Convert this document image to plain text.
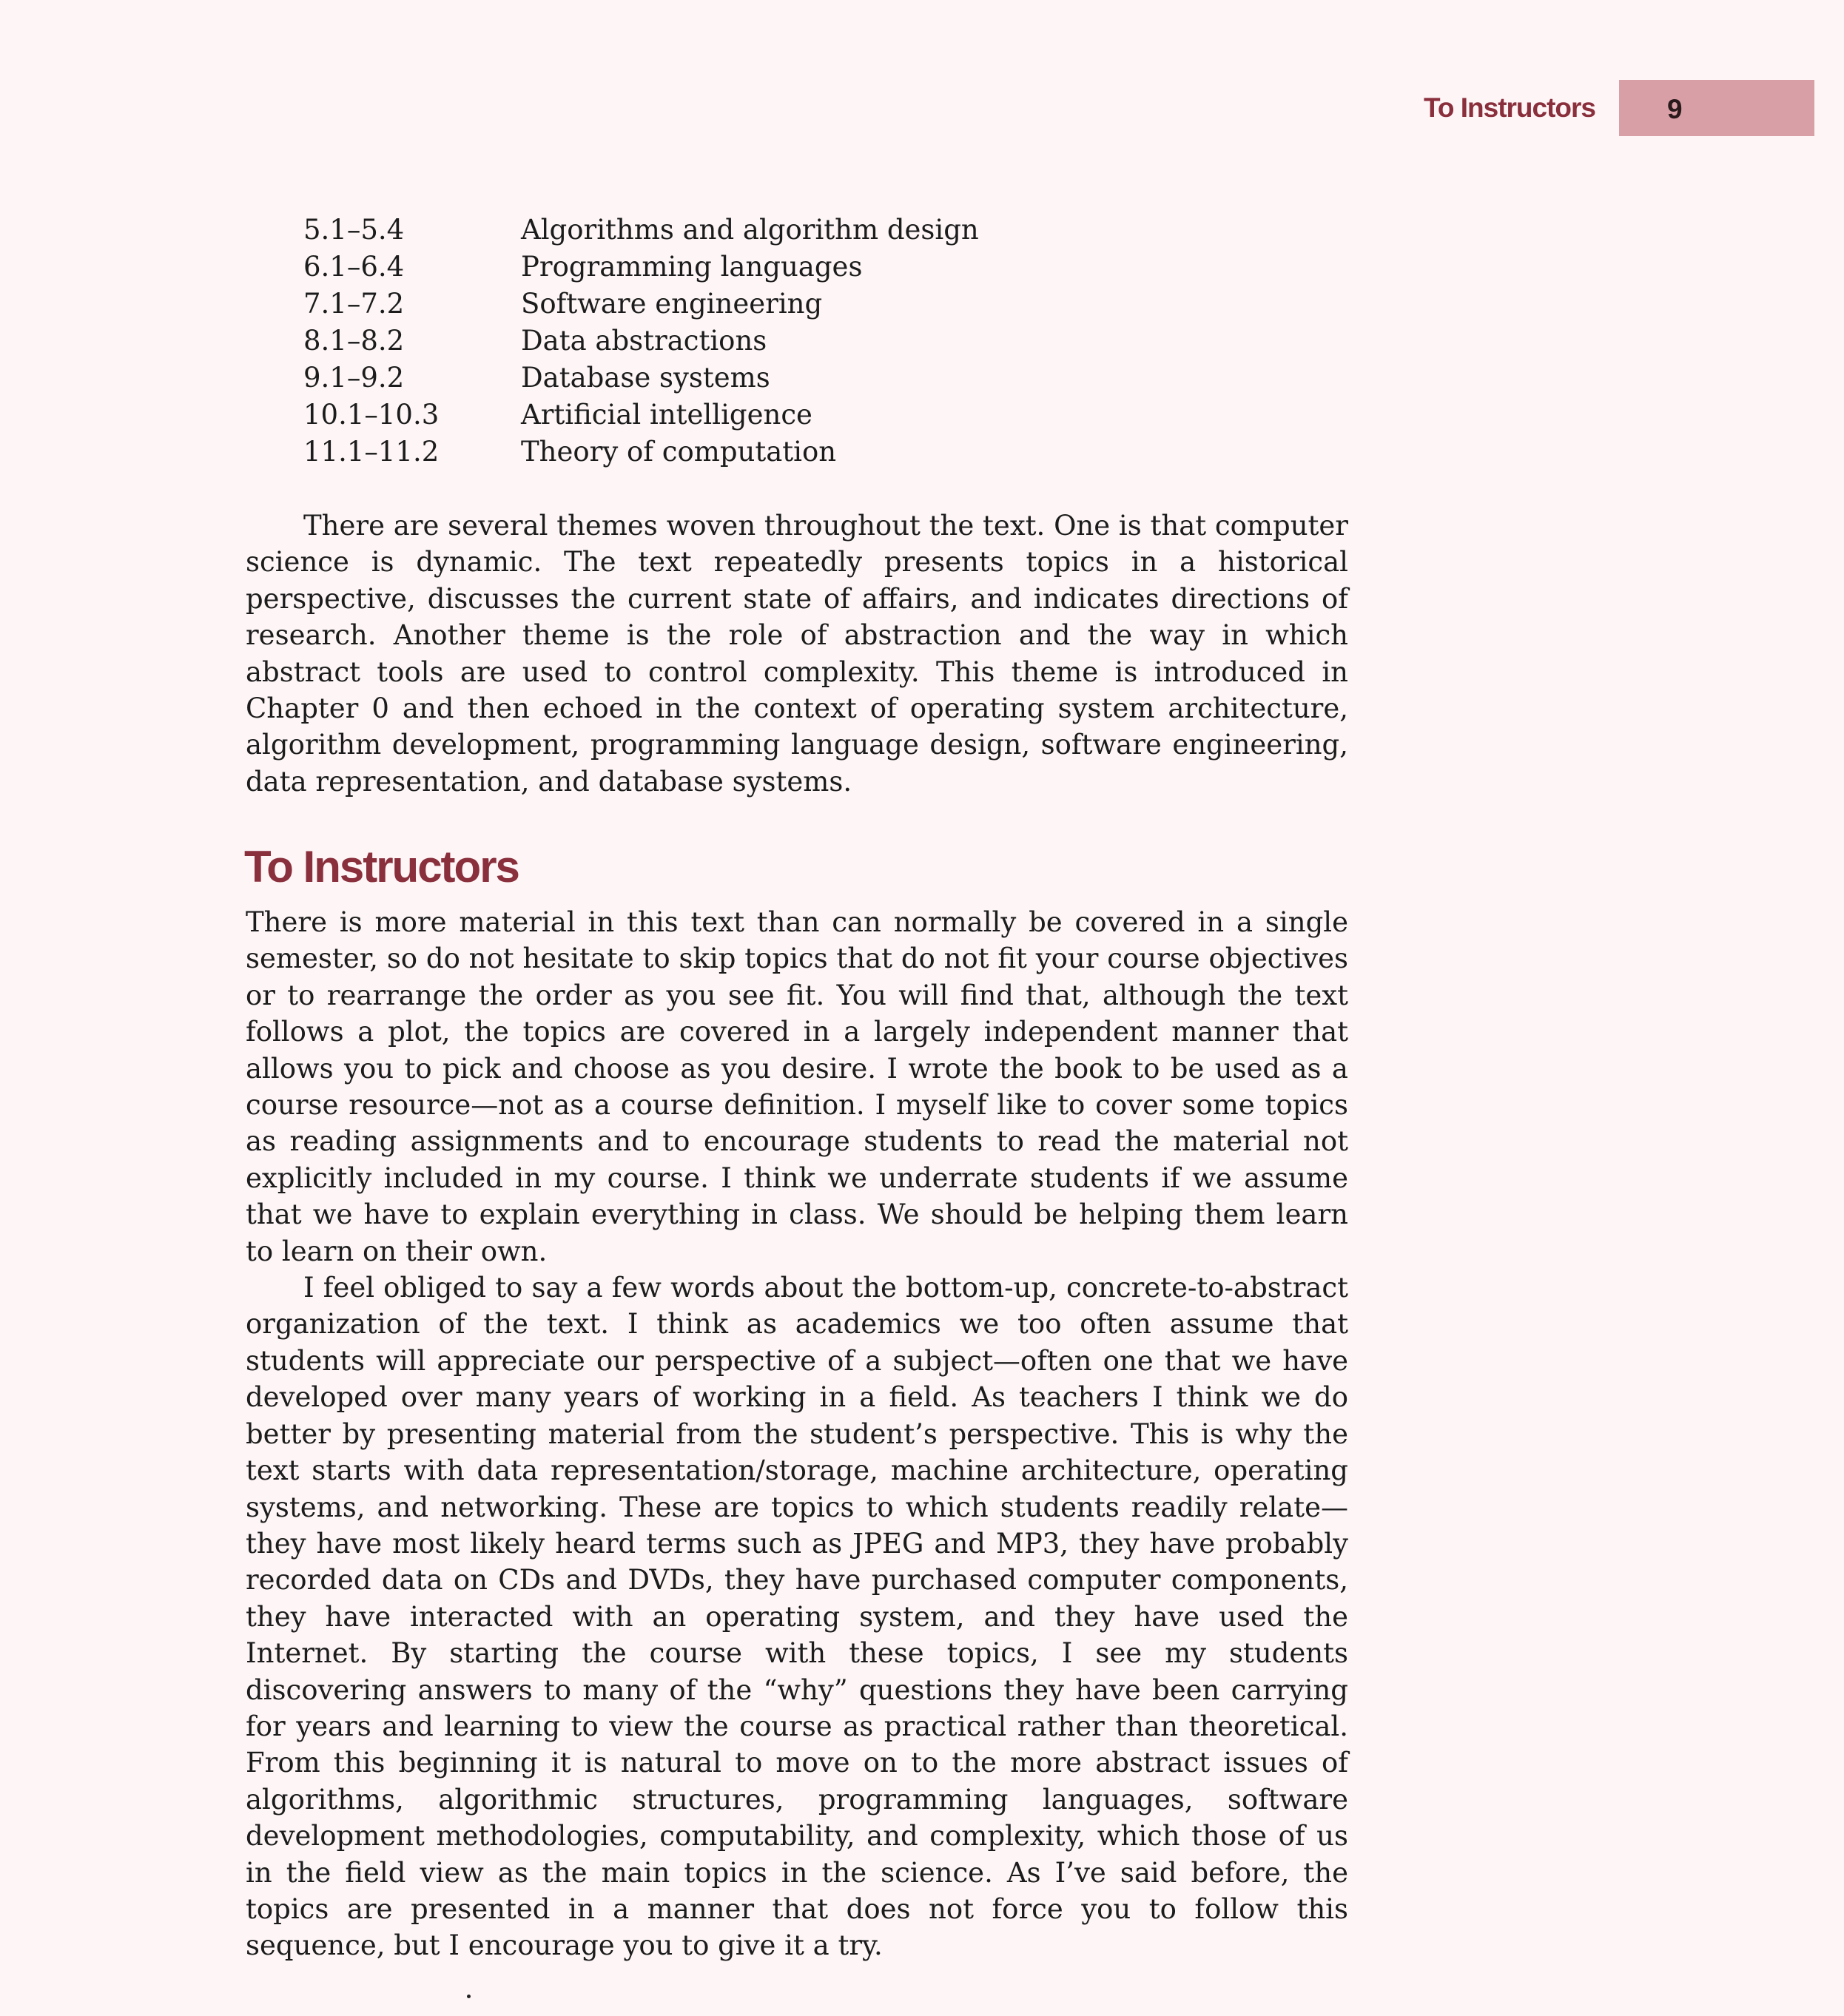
To Instructors	9
5.1–5.4	Algorithms and algorithm design
6.1–6.4	Programming languages
7.1–7.2	Software engineering
8.1–8.2	Data abstractions
9.1–9.2	Database systems
10.1–10.3	Artificial intelligence
11.1–11.2	Theory of computation

There are several themes woven throughout the text. One is that computer science is dynamic. The text repeatedly presents topics in a historical perspective, discusses the current state of affairs, and indicates directions of research. Another theme is the role of abstraction and the way in which abstract tools are used to control complexity. This theme is introduced in Chapter 0 and then echoed in the context of operating system architecture, algorithm development, programming language design, software engineering, data representation, and database systems.

To Instructors

There is more material in this text than can normally be covered in a single semester, so do not hesitate to skip topics that do not fit your course objectives or to rearrange the order as you see fit. You will find that, although the text follows a plot, the topics are covered in a largely independent manner that allows you to pick and choose as you desire. I wrote the book to be used as a course resource—not as a course definition. I myself like to cover some topics as reading assignments and to encourage students to read the material not explicitly included in my course. I think we underrate students if we assume that we have to explain everything in class. We should be helping them learn to learn on their own.

I feel obliged to say a few words about the bottom-up, concrete-to-abstract organization of the text. I think as academics we too often assume that students will appreciate our perspective of a subject—often one that we have developed over many years of working in a field. As teachers I think we do better by presenting material from the student’s perspective. This is why the text starts with data representation/storage, machine architecture, operating systems, and networking. These are topics to which students readily relate—they have most likely heard terms such as JPEG and MP3, they have probably recorded data on CDs and DVDs, they have purchased computer components, they have interacted with an operating system, and they have used the Internet. By starting the course with these topics, I see my students discovering answers to many of the “why” questions they have been carrying for years and learning to view the course as practical rather than theoretical. From this beginning it is natural to move on to the more abstract issues of algorithms, algorithmic structures, programming languages, software development methodologies, computability, and complexity, which those of us in the field view as the main topics in the science. As I’ve said before, the topics are presented in a manner that does not force you to follow this sequence, but I encourage you to give it a try.
